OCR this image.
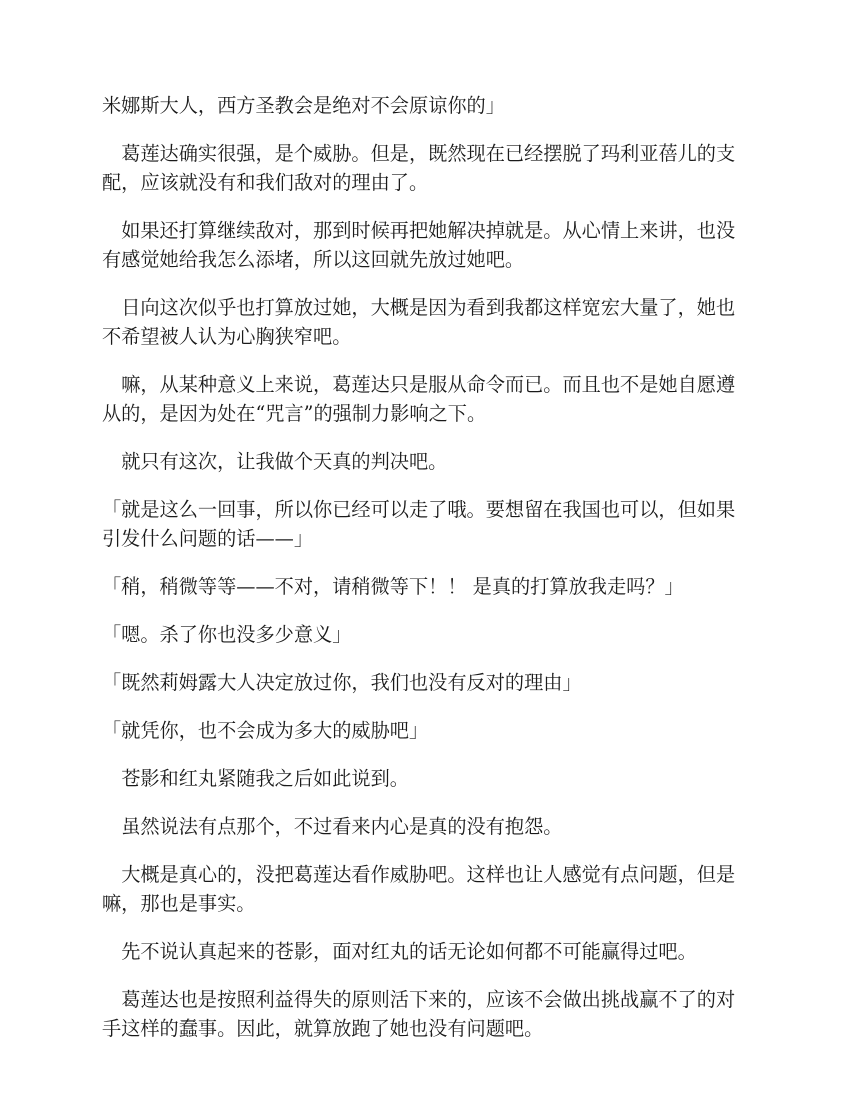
米娜斯大人，西方圣教会是绝对不会原谅你的」

葛莲达确实很强，是个威胁。但是，既然现在已经摆脱了玛利亚蓓儿的支配，应该就没有和我们敌对的理由了。

如果还打算继续敌对，那到时候再把她解决掉就是。从心情上来讲，也没有感觉她给我怎么添堵，所以这回就先放过她吧。

日向这次似乎也打算放过她，大概是因为看到我都这样宽宏大量了，她也不希望被人认为心胸狭窄吧。

嘛，从某种意义上来说，葛莲达只是服从命令而已。而且也不是她自愿遵从的，是因为处在“咒言”的强制力影响之下。

就只有这次，让我做个天真的判决吧。

「就是这么一回事，所以你已经可以走了哦。要想留在我国也可以，但如果引发什么问题的话——」

「稍，稍微等等——不对，请稍微等下！！ 是真的打算放我走吗？」

「嗯。杀了你也没多少意义」

「既然莉姆露大人决定放过你，我们也没有反对的理由」

「就凭你，也不会成为多大的威胁吧」

苍影和红丸紧随我之后如此说到。

虽然说法有点那个，不过看来内心是真的没有抱怨。

大概是真心的，没把葛莲达看作威胁吧。这样也让人感觉有点问题，但是嘛，那也是事实。

先不说认真起来的苍影，面对红丸的话无论如何都不可能赢得过吧。

葛莲达也是按照利益得失的原则活下来的，应该不会做出挑战赢不了的对手这样的蠢事。因此，就算放跑了她也没有问题吧。
